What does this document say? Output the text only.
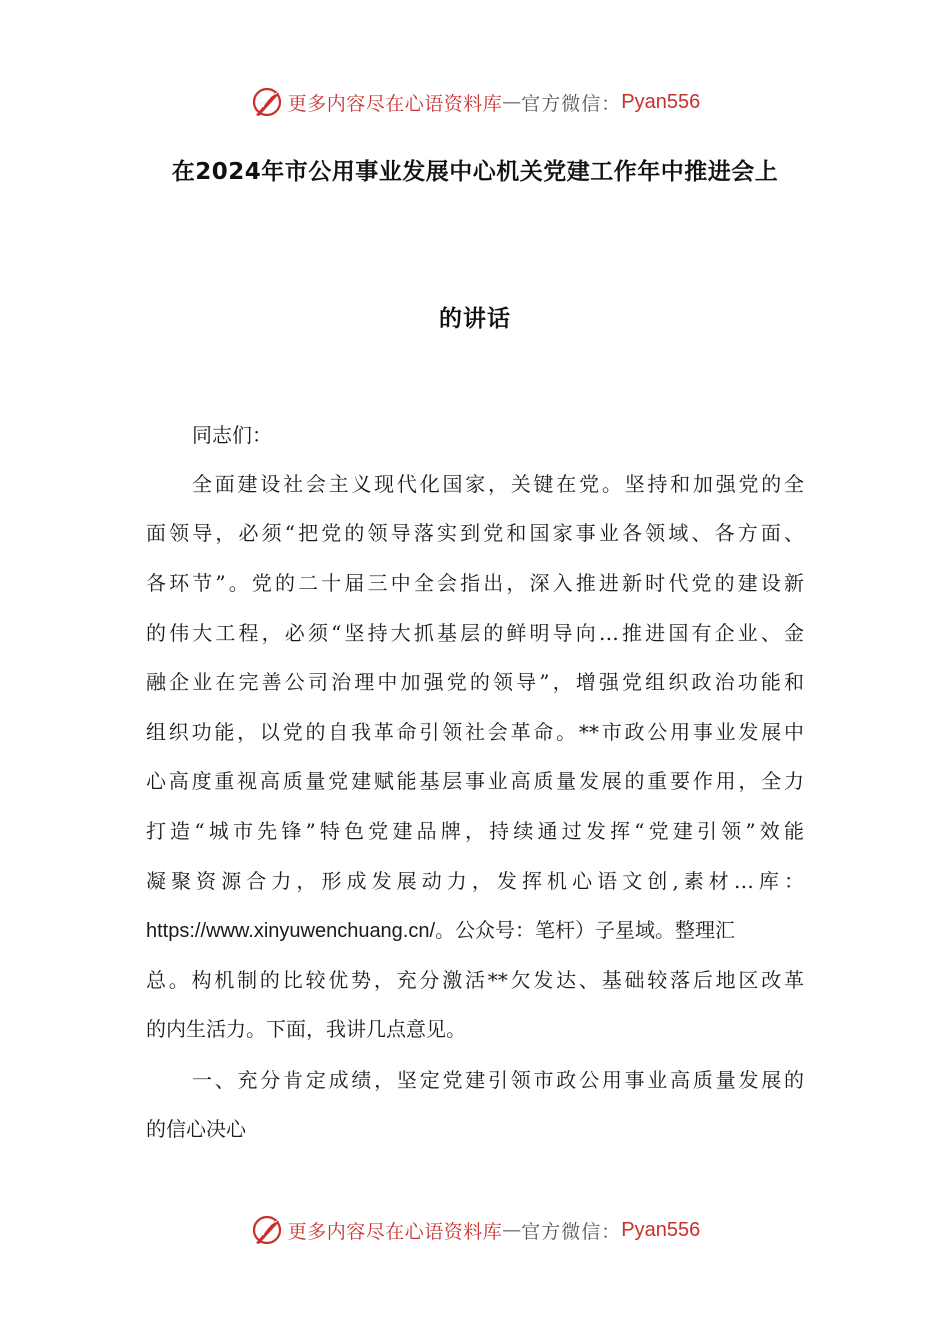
更多内容尽在心语资料库 — 官方微信： Pyan556
在2024年市公用事业发展中心机关党建工作年中推进会上
的讲话
同志们：
全面建设社会主义现代化国家，关键在党。坚持和加强党的全
面领导，必须“把党的领导落实到党和国家事业各领域、各方面、
各环节”。党的二十届三中全会指出，深入推进新时代党的建设新
的伟大工程，必须“坚持大抓基层的鲜明导向…推进国有企业、金
融企业在完善公司治理中加强党的领导”，增强党组织政治功能和
组织功能，以党的自我革命引领社会革命。**市政公用事业发展中
心高度重视高质量党建赋能基层事业高质量发展的重要作用，全力
打造“城市先锋”特色党建品牌，持续通过发挥“党建引领”效能
凝聚资源合力，形成发展动力，发挥机心语文创,素材…库：
https://www.xinyuwenchuang.cn/。公众号：笔杆）子星域。整理汇
总。构机制的比较优势，充分激活**欠发达、基础较落后地区改革
的内生活力。下面，我讲几点意见。
一、充分肯定成绩，坚定党建引领市政公用事业高质量发展的
的信心决心
更多内容尽在心语资料库 — 官方微信： Pyan556
